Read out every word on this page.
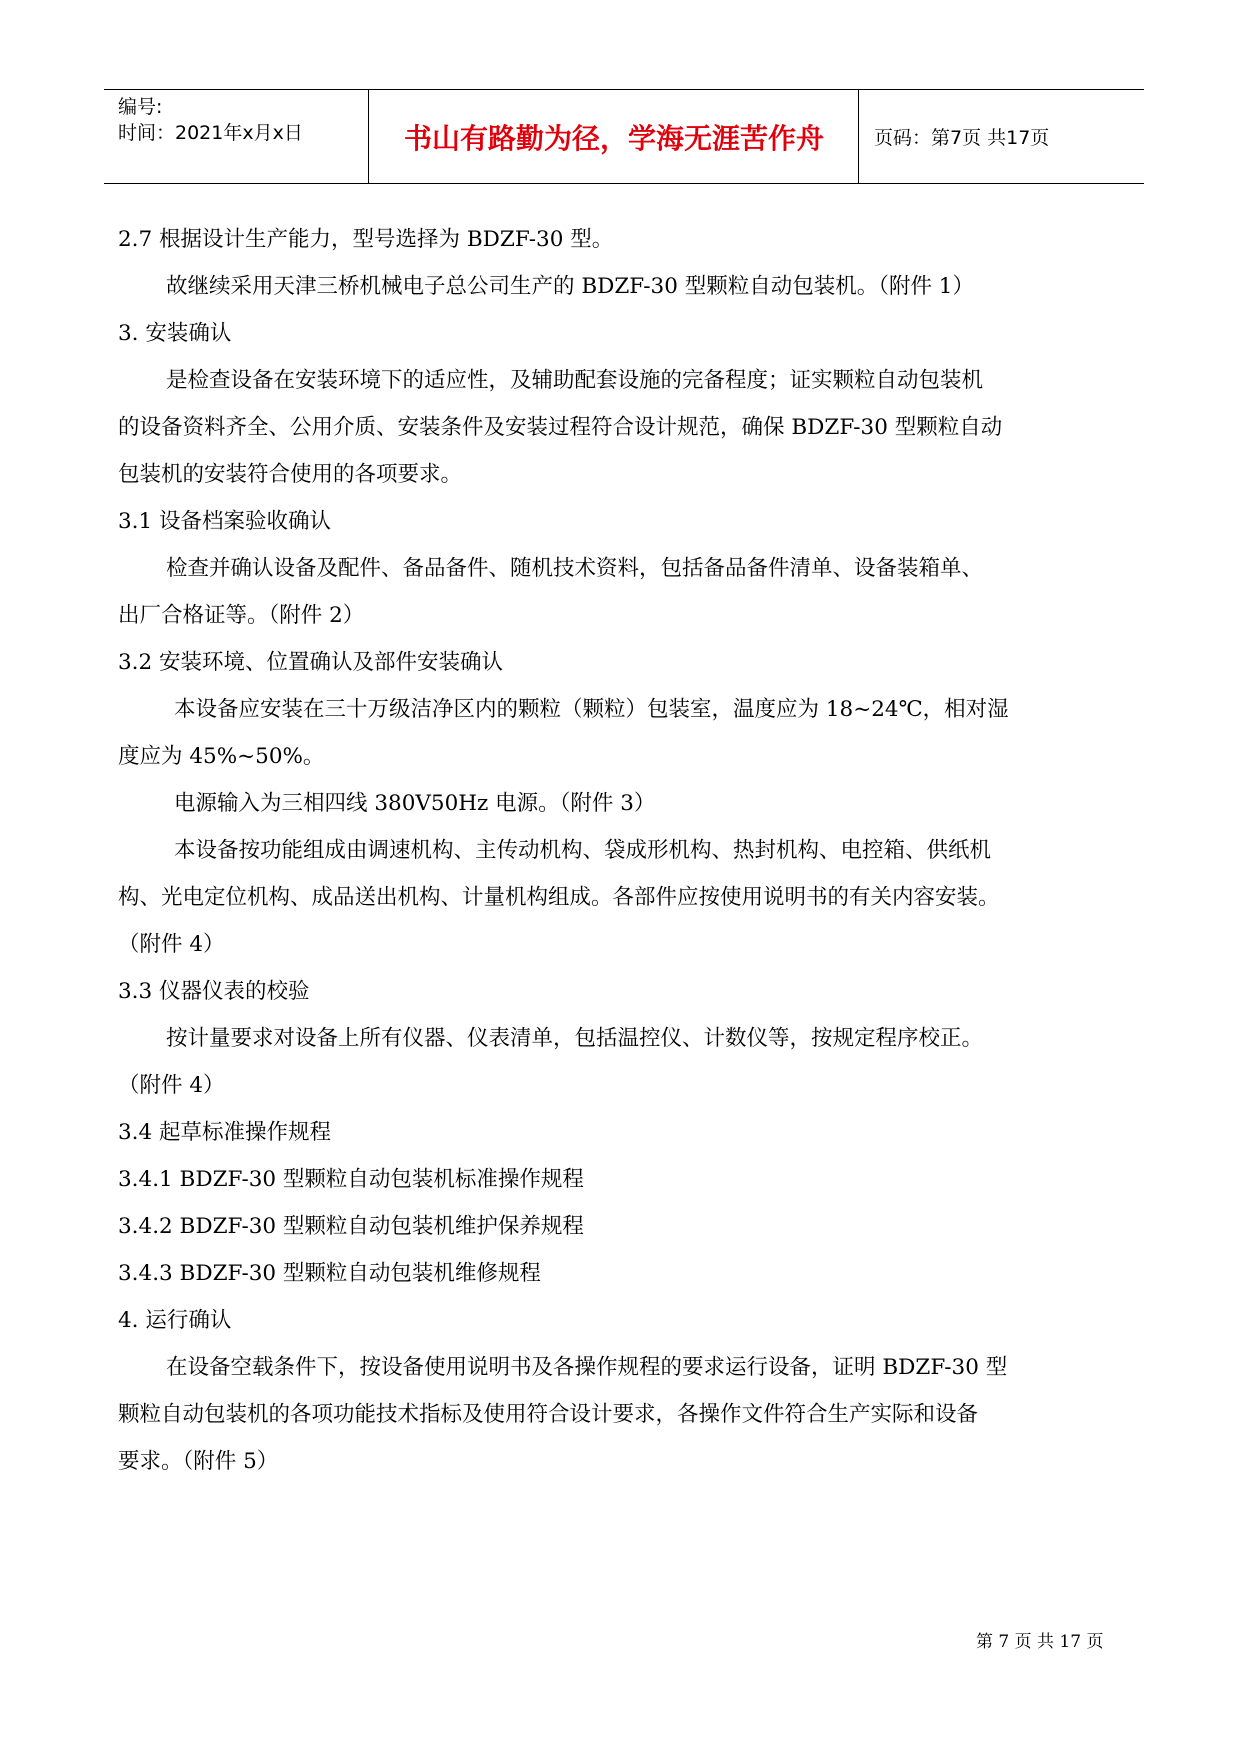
编号:
时间：2021年x月x日	书山有路勤为径，学海无涯苦作舟	页码：第7页 共17页
2.7 根据设计生产能力，型号选择为 BDZF-30 型。
故继续采用天津三桥机械电子总公司生产的 BDZF-30 型颗粒自动包装机。（附件 1）
3. 安装确认
是检查设备在安装环境下的适应性，及辅助配套设施的完备程度；证实颗粒自动包装机
的设备资料齐全、公用介质、安装条件及安装过程符合设计规范，确保 BDZF-30 型颗粒自动
包装机的安装符合使用的各项要求。
3.1 设备档案验收确认
检查并确认设备及配件、备品备件、随机技术资料，包括备品备件清单、设备装箱单、
出厂合格证等。（附件 2）
3.2 安装环境、位置确认及部件安装确认
本设备应安装在三十万级洁净区内的颗粒（颗粒）包装室，温度应为 18~24℃，相对湿
度应为 45%~50%。
电源输入为三相四线 380V50Hz 电源。（附件 3）
本设备按功能组成由调速机构、主传动机构、袋成形机构、热封机构、电控箱、供纸机
构、光电定位机构、成品送出机构、计量机构组成。各部件应按使用说明书的有关内容安装。
（附件 4）
3.3 仪器仪表的校验
按计量要求对设备上所有仪器、仪表清单，包括温控仪、计数仪等，按规定程序校正。
（附件 4）
3.4 起草标准操作规程
3.4.1 BDZF-30 型颗粒自动包装机标准操作规程
3.4.2 BDZF-30 型颗粒自动包装机维护保养规程
3.4.3 BDZF-30 型颗粒自动包装机维修规程
4. 运行确认
在设备空载条件下，按设备使用说明书及各操作规程的要求运行设备，证明 BDZF-30 型
颗粒自动包装机的各项功能技术指标及使用符合设计要求，各操作文件符合生产实际和设备
要求。（附件 5）
第 7 页 共 17 页
